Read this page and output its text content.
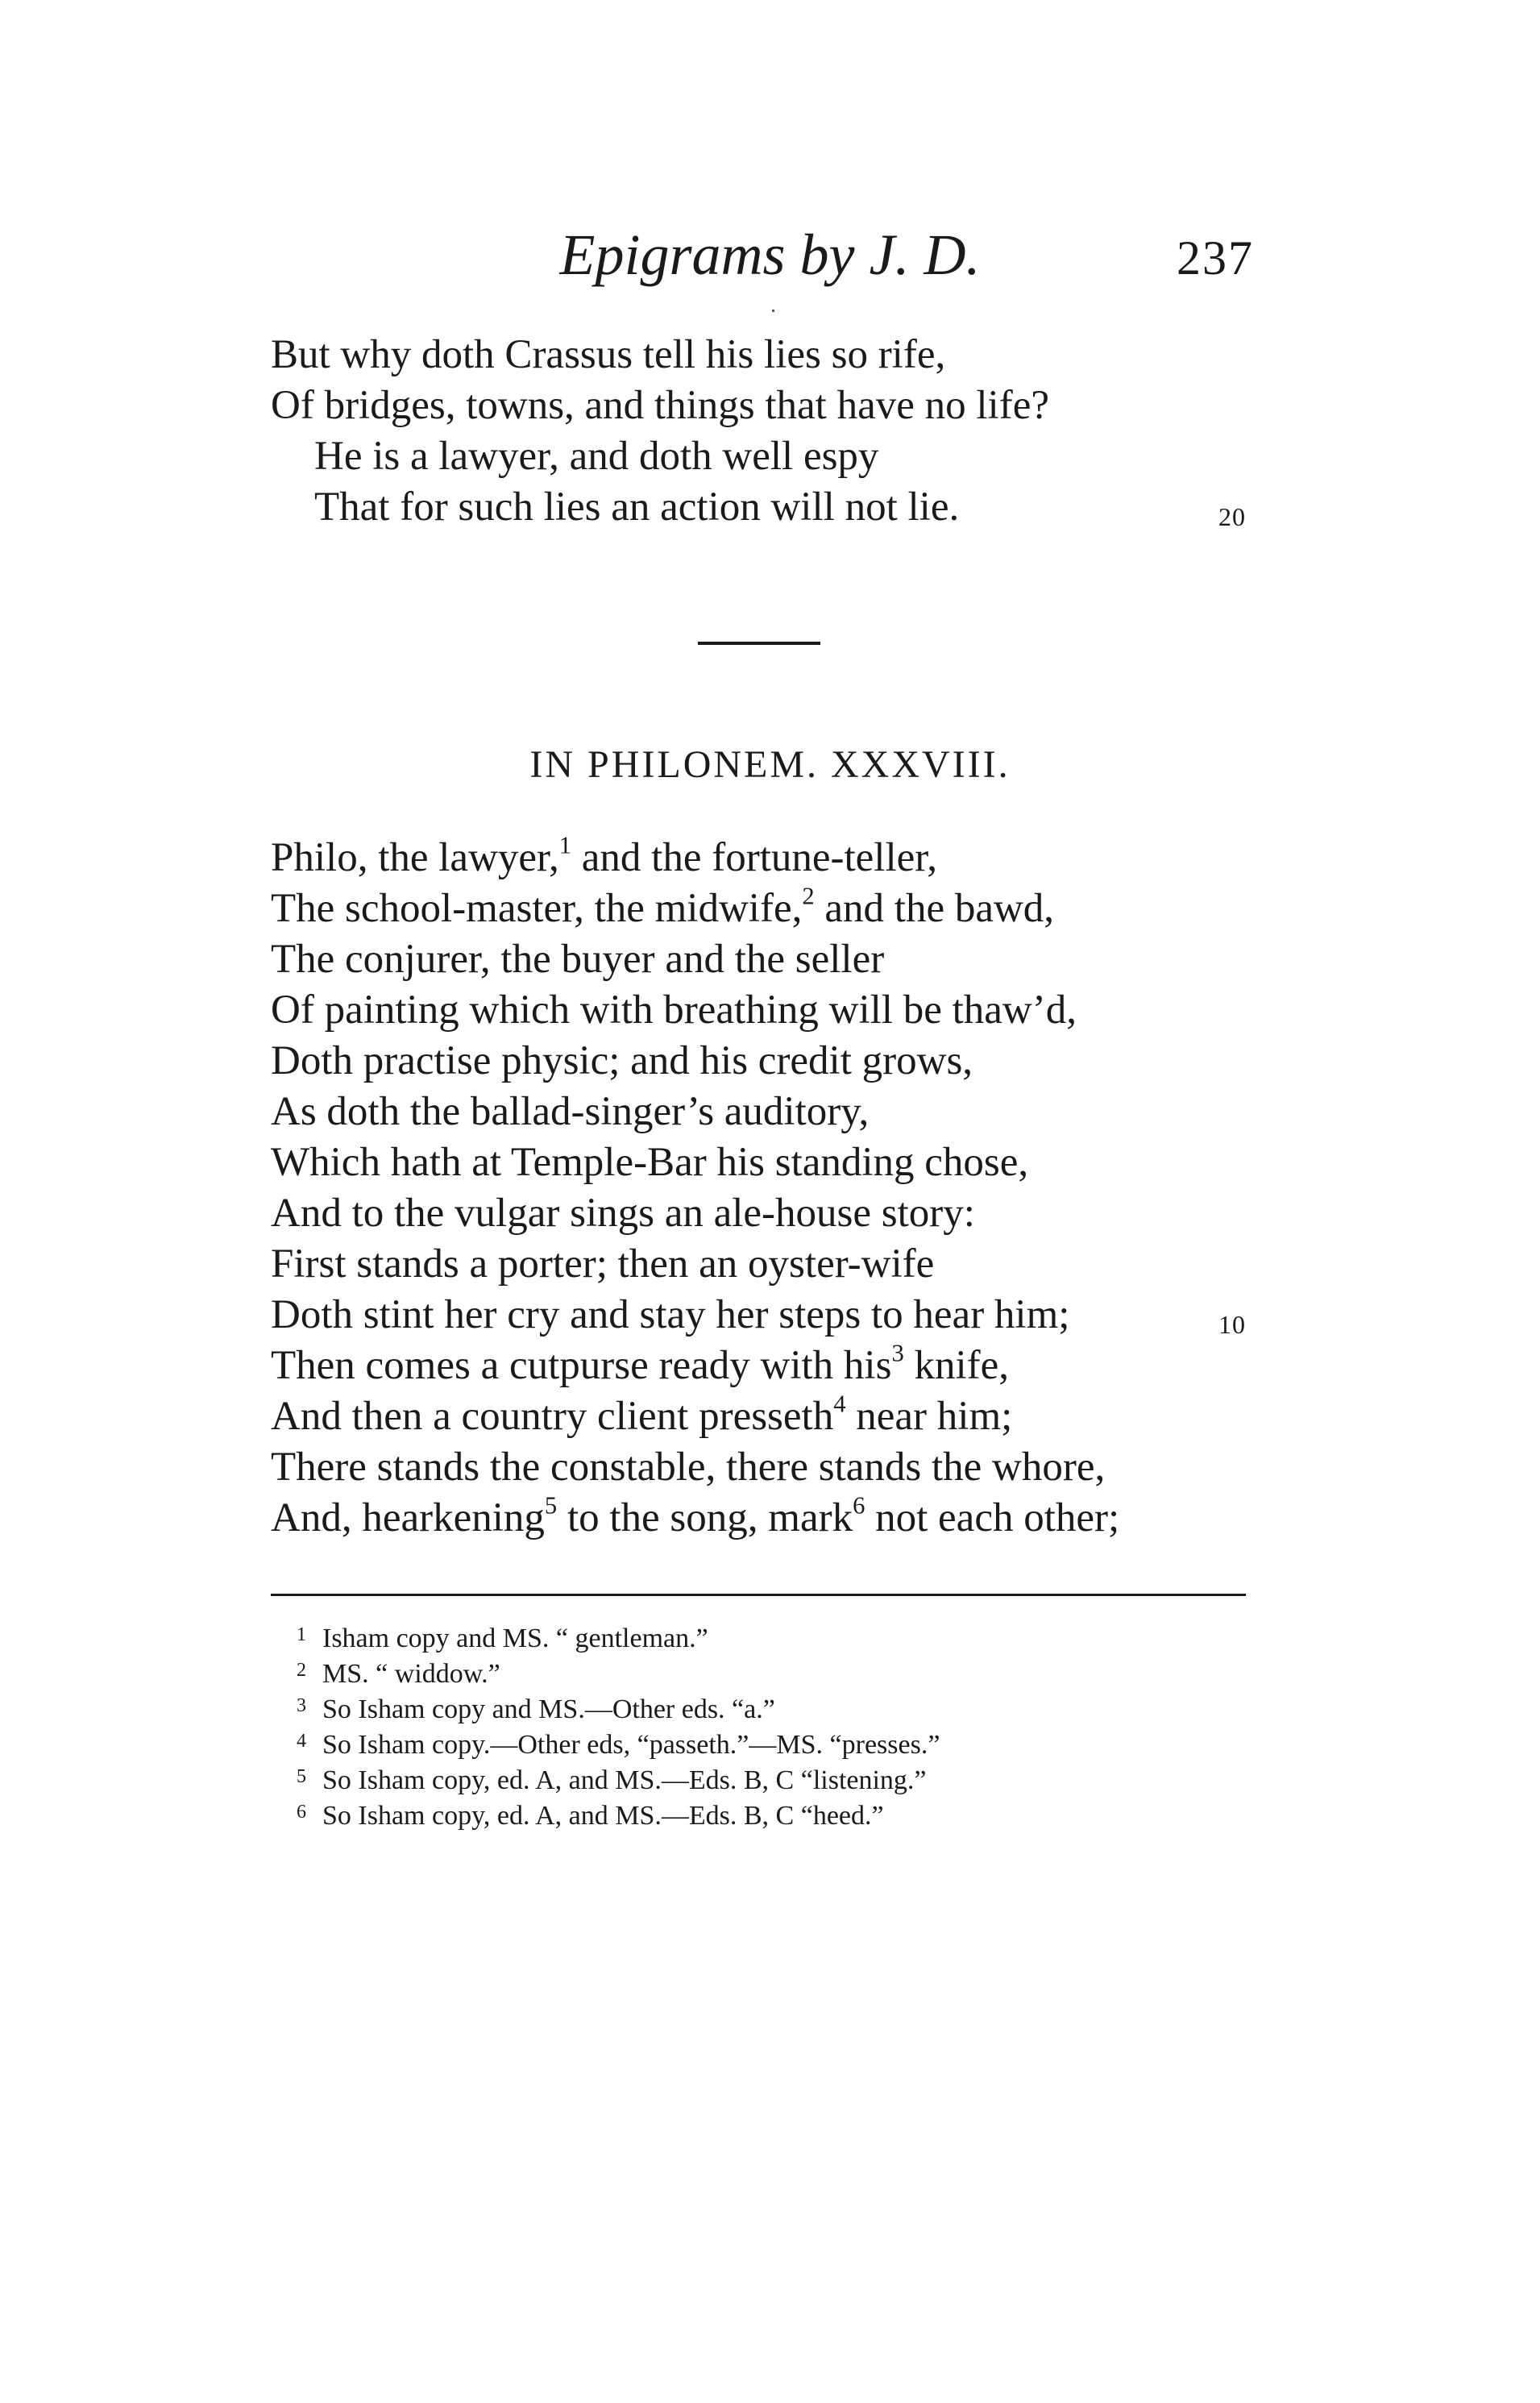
Epigrams by J. D.	237
But why doth Crassus tell his lies so rife,
Of bridges, towns, and things that have no life?
He is a lawyer, and doth well espy
That for such lies an action will not lie.	20
IN PHILONEM. XXXVIII.
Philo, the lawyer,$^1$ and the fortune-teller,
The school-master, the midwife,$^2$ and the bawd,
The conjurer, the buyer and the seller
Of painting which with breathing will be thaw’d,
Doth practise physic; and his credit grows,
As doth the ballad-singer’s auditory,
Which hath at Temple-Bar his standing chose,
And to the vulgar sings an ale-house story:
First stands a porter; then an oyster-wife
Doth stint her cry and stay her steps to hear him;	10
Then comes a cutpurse ready with his$^3$ knife,
And then a country client presseth$^4$ near him;
There stands the constable, there stands the whore,
And, hearkening$^5$ to the song, mark$^6$ not each other;
1 Isham copy and MS. “ gentleman.”
2 MS. “ widdow.”
3 So Isham copy and MS.—Other eds. “a.”
4 So Isham copy.—Other eds, “passeth.”—MS. “presses.”
5 So Isham copy, ed. A, and MS.—Eds. B, C “listening.”
6 So Isham copy, ed. A, and MS.—Eds. B, C “heed.”
